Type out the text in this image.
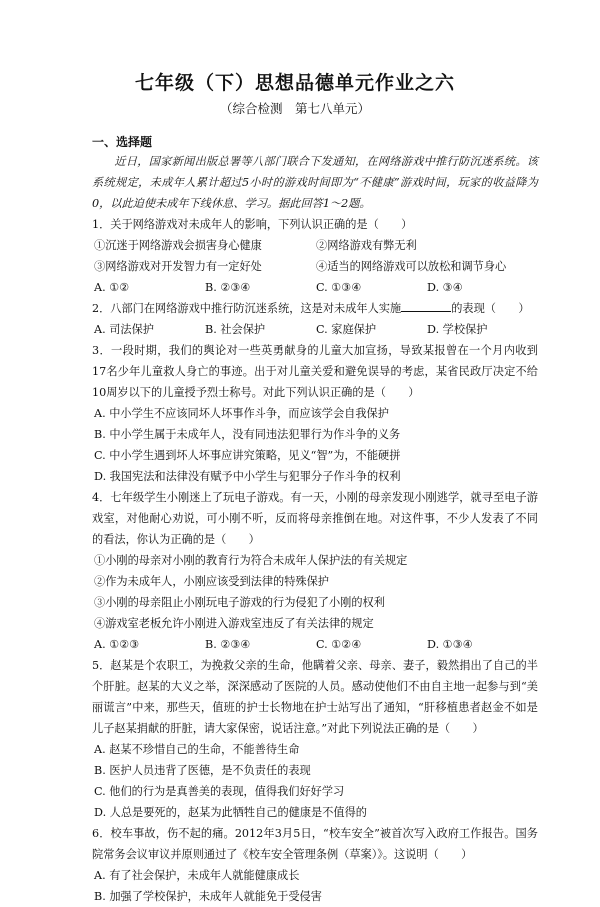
七年级（下）思想品德单元作业之六
（综合检测　第七八单元）
一、选择题

近日，国家新闻出版总署等八部门联合下发通知，在网络游戏中推行防沉迷系统。该系统规定，未成年人累计超过5小时的游戏时间即为“不健康”游戏时间，玩家的收益降为0，以此迫使未成年下线休息、学习。据此回答1～2题。

1．关于网络游戏对未成年人的影响，下列认识正确的是（　　）

①沉迷于网络游戏会损害身心健康	②网络游戏有弊无利
③网络游戏对开发智力有一定好处	④适当的网络游戏可以放松和调节身心
A. ①②	B. ②③④	C. ①③④	D. ③④

2．八部门在网络游戏中推行防沉迷系统，这是对未成年人实施	的表现（　　）

A. 司法保护	B. 社会保护	C. 家庭保护	D. 学校保护

3．一段时期，我们的舆论对一些英勇献身的儿童大加宣扬，导致某报曾在一个月内收到17名少年儿童救人身亡的事迹。出于对儿童关爱和避免误导的考虑，某省民政厅决定不给10周岁以下的儿童授予烈士称号。对此下列认识正确的是（　　）

A. 中小学生不应该同坏人坏事作斗争，而应该学会自我保护

B. 中小学生属于未成年人，没有同违法犯罪行为作斗争的义务

C. 中小学生遇到坏人坏事应讲究策略，见义“智”为，不能硬拼

D. 我国宪法和法律没有赋予中小学生与犯罪分子作斗争的权利

4．七年级学生小刚迷上了玩电子游戏。有一天，小刚的母亲发现小刚逃学，就寻至电子游戏室，对他耐心劝说，可小刚不听，反而将母亲推倒在地。对这件事，不少人发表了不同的看法，你认为正确的是（　　）

①小刚的母亲对小刚的教育行为符合未成年人保护法的有关规定

②作为未成年人，小刚应该受到法律的特殊保护

③小刚的母亲阻止小刚玩电子游戏的行为侵犯了小刚的权利

④游戏室老板允许小刚进入游戏室违反了有关法律的规定

A. ①②③	B. ②③④	C. ①②④	D. ①③④

5．赵某是个农职工，为挽救父亲的生命，他瞒着父亲、母亲、妻子，毅然捐出了自己的半个肝脏。赵某的大义之举，深深感动了医院的人员。感动使他们不由自主地一起参与到“美丽谎言”中来，那些天，值班的护士长物地在护士站写出了通知，“肝移植患者赵金不如是儿子赵某捐献的肝脏，请大家保密，说话注意。”对此下列说法正确的是（　　）

A. 赵某不珍惜自己的生命，不能善待生命

B. 医护人员违背了医德，是不负责任的表现

C. 他们的行为是真善美的表现，值得我们好好学习

D. 人总是要死的，赵某为此牺牲自己的健康是不值得的

6．校车事故，伤不起的痛。2012年3月5日，“校车安全”被首次写入政府工作报告。国务院常务会议审议并原则通过了《校车安全管理条例（草案）》。这说明（　　）

A. 有了社会保护，未成年人就能健康成长

B. 加强了学校保护，未成年人就能免于受侵害
